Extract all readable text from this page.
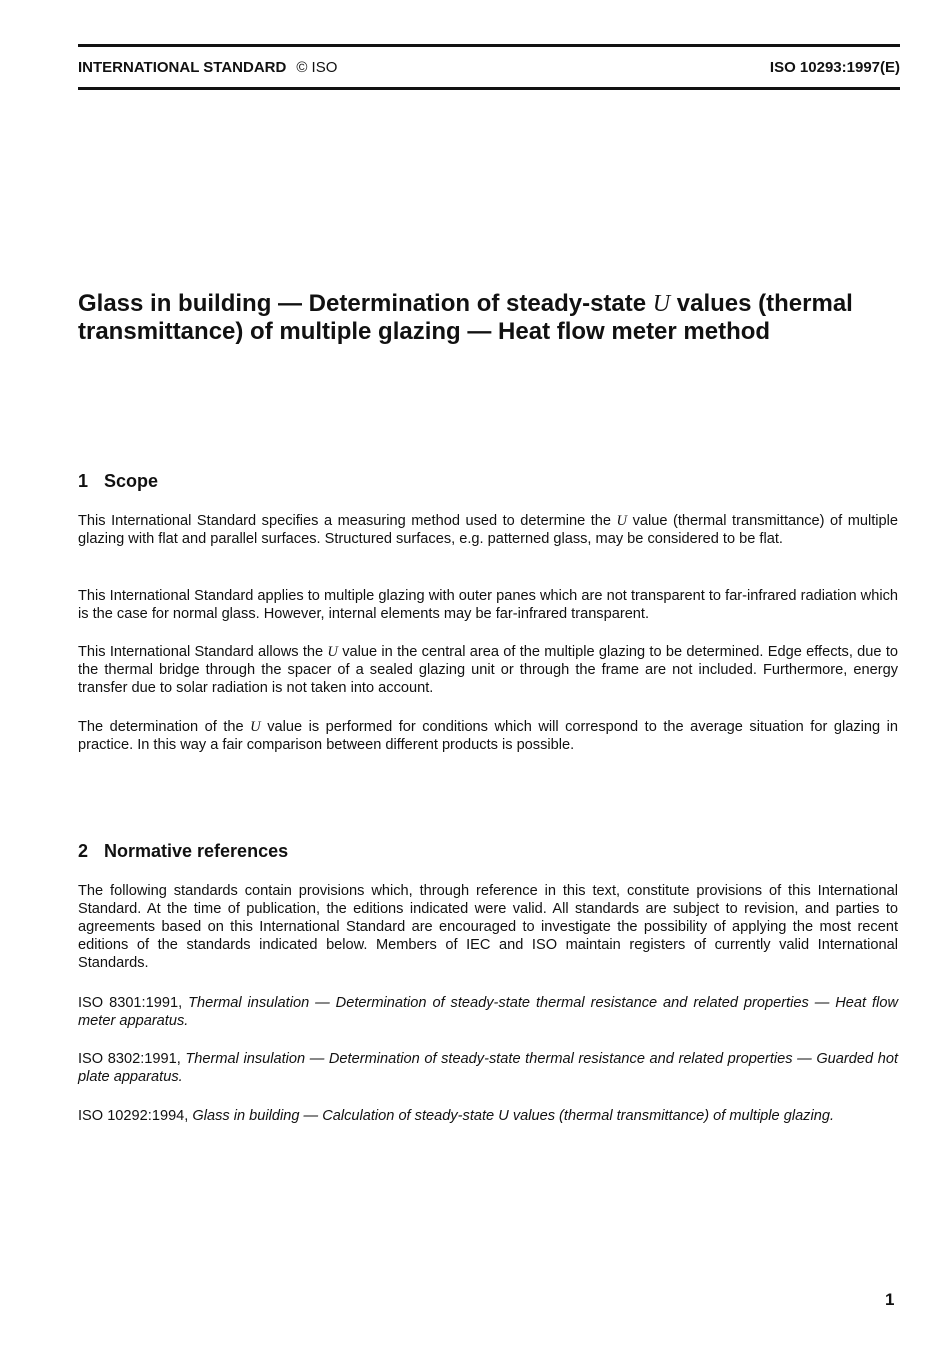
INTERNATIONAL STANDARD © ISO	ISO 10293:1997(E)
Glass in building — Determination of steady-state U values (thermal transmittance) of multiple glazing — Heat flow meter method
1 Scope

This International Standard specifies a measuring method used to determine the U value (thermal transmittance) of multiple glazing with flat and parallel surfaces. Structured surfaces, e.g. patterned glass, may be considered to be flat.

This International Standard applies to multiple glazing with outer panes which are not transparent to far-infrared radiation which is the case for normal glass. However, internal elements may be far-infrared transparent.

This International Standard allows the U value in the central area of the multiple glazing to be determined. Edge effects, due to the thermal bridge through the spacer of a sealed glazing unit or through the frame are not included. Furthermore, energy transfer due to solar radiation is not taken into account.

The determination of the U value is performed for conditions which will correspond to the average situation for glazing in practice. In this way a fair comparison between different products is possible.

2 Normative references

The following standards contain provisions which, through reference in this text, constitute provisions of this International Standard. At the time of publication, the editions indicated were valid. All standards are subject to revision, and parties to agreements based on this International Standard are encouraged to investigate the possibility of applying the most recent editions of the standards indicated below. Members of IEC and ISO maintain registers of currently valid International Standards.

ISO 8301:1991, Thermal insulation — Determination of steady-state thermal resistance and related properties — Heat flow meter apparatus.

ISO 8302:1991, Thermal insulation — Determination of steady-state thermal resistance and related properties — Guarded hot plate apparatus.

ISO 10292:1994, Glass in building — Calculation of steady-state U values (thermal transmittance) of multiple glazing.

1
